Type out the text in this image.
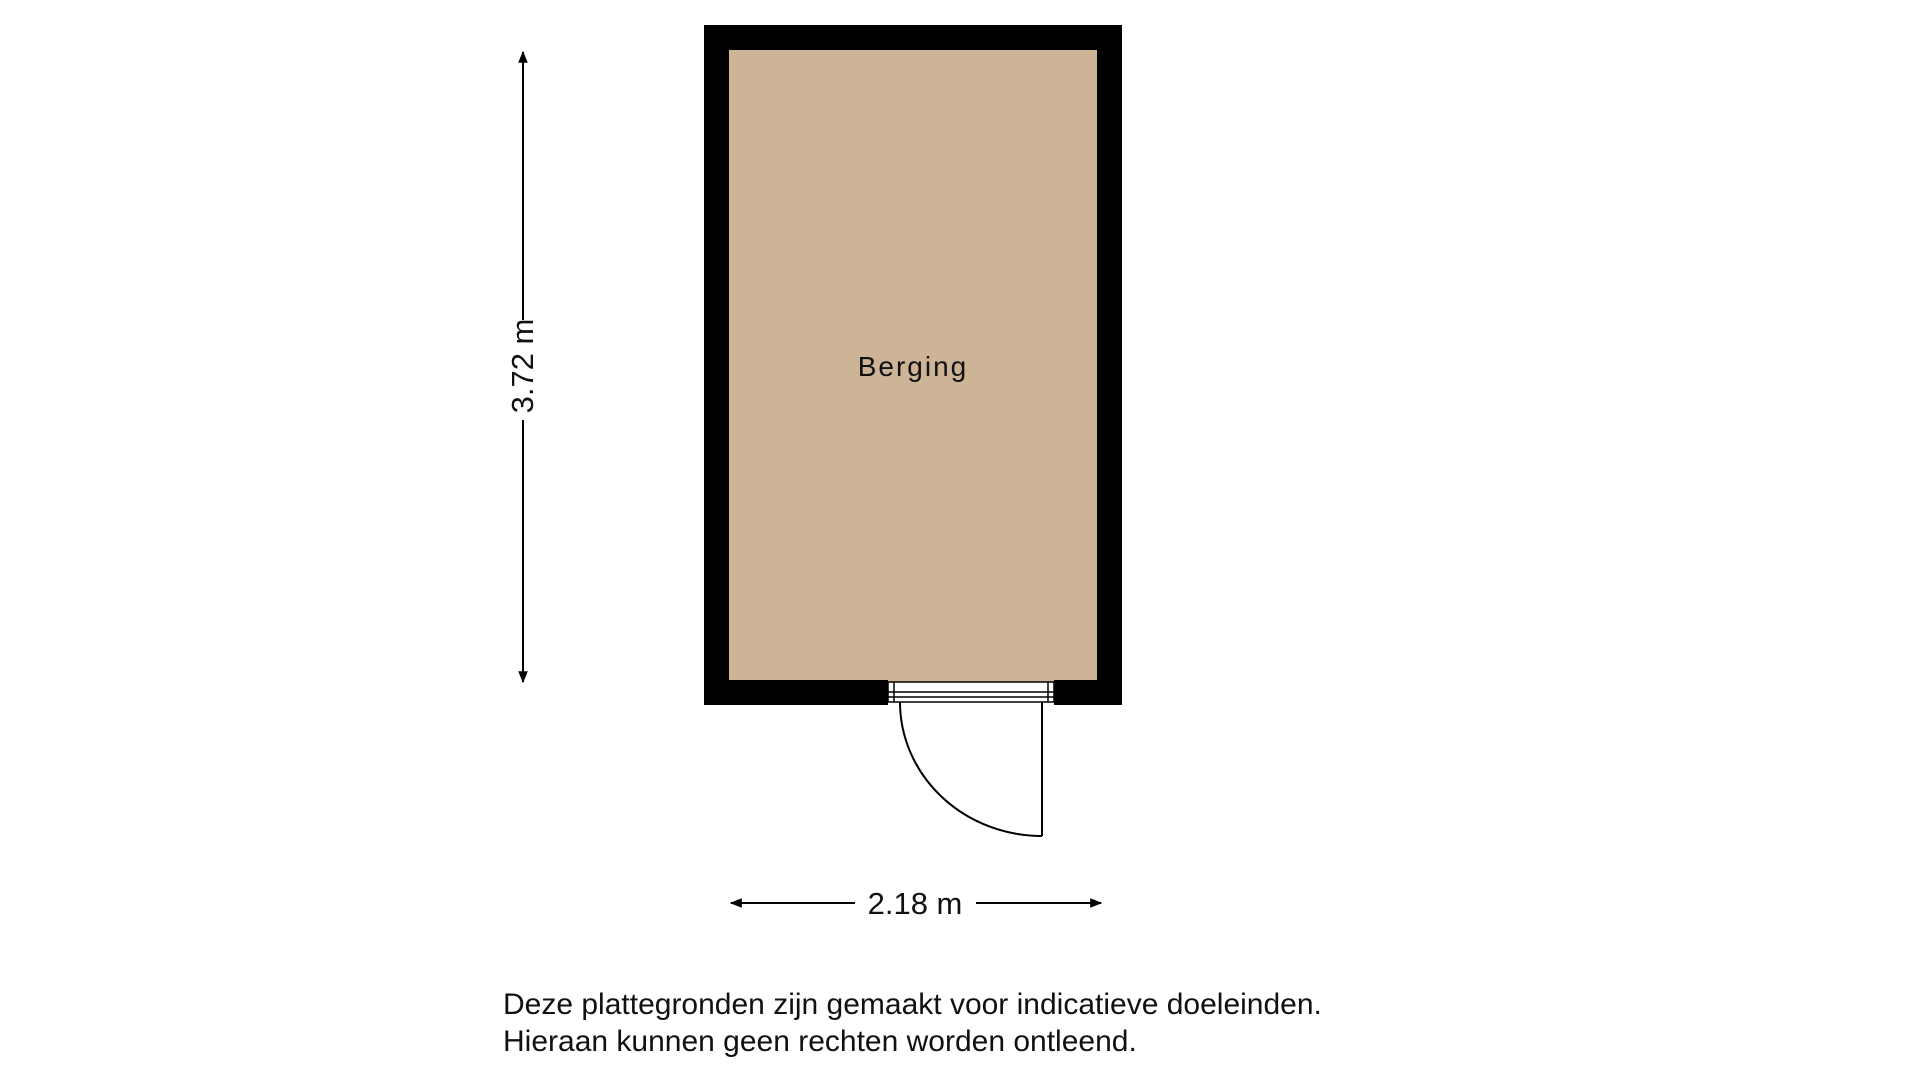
Berging
3.72 m
2.18 m
Deze plattegronden zijn gemaakt voor indicatieve doeleinden.
Hieraan kunnen geen rechten worden ontleend.
